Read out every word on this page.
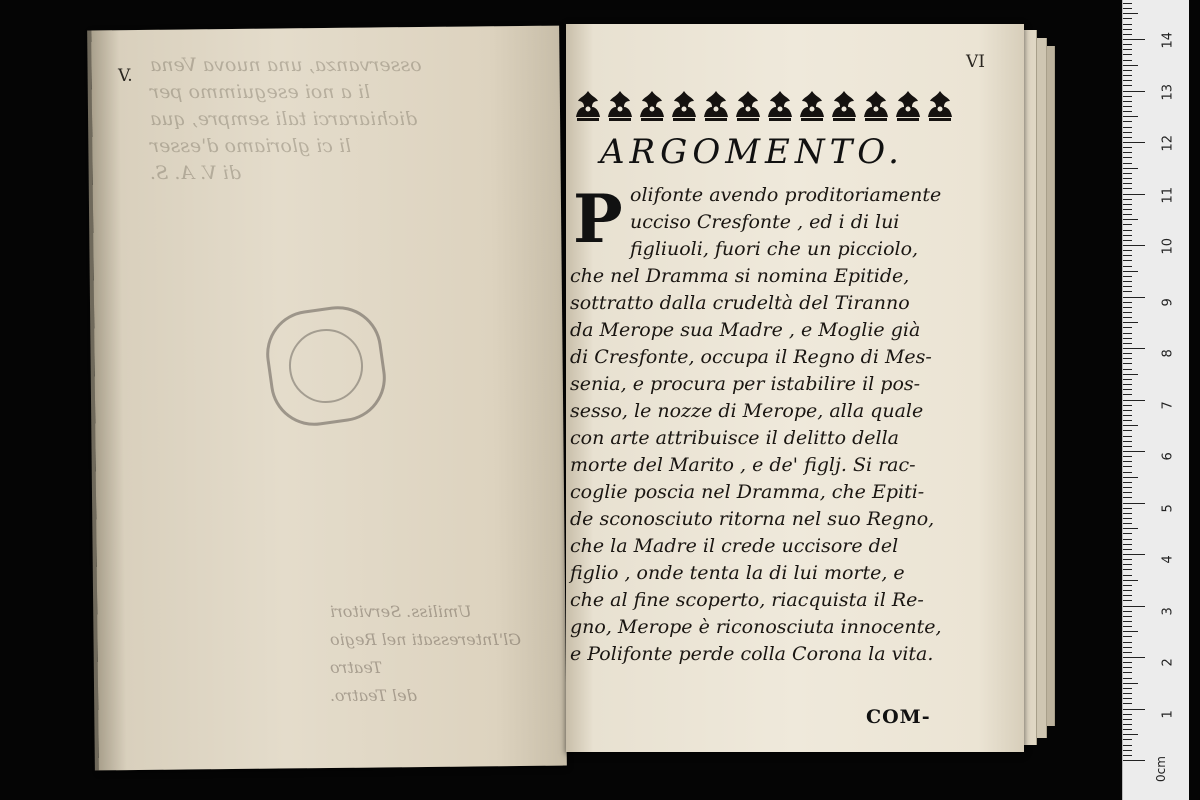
V. osservanza, una nuova Vena
li a noi eseguimmo per
dichiararci tali sempre, qua
li ci gloriamo d'esser
di V. A. S.
Umiliss. Servitori
Gl'Interessati nel Regio Teatro
del Teatro.
VI
ARGOMENTO.
P olifonte avendo proditoriamente
ucciso Cresfonte , ed i di lui
figliuoli, fuori che un picciolo,
che nel Dramma si nomina Epitide,
sottratto dalla crudeltà del Tiranno
da Merope sua Madre , e Moglie già
di Cresfonte, occupa il Regno di Mes-
senia, e procura per istabilire il pos-
sesso, le nozze di Merope, alla quale
con arte attribuisce il delitto della
morte del Marito , e de' figlj. Si rac-
coglie poscia nel Dramma, che Epiti-
de sconosciuto ritorna nel suo Regno,
che la Madre il crede uccisore del
figlio , onde tenta la di lui morte, e
che al fine scoperto, riacquista il Re-
gno, Merope è riconosciuta innocente,
e Polifonte perde colla Corona la vita.
COM-	1
2
3
4
5
6
7
8
9
10
11
12
13
14
0cm
